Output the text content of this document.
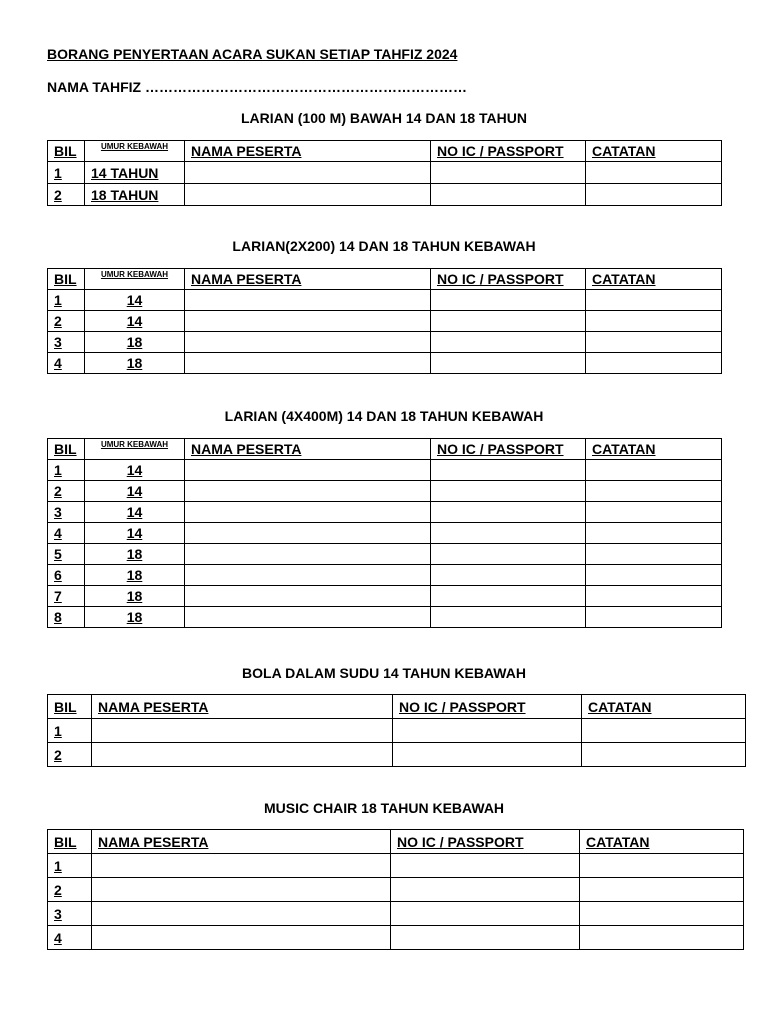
BORANG PENYERTAAN ACARA SUKAN SETIAP TAHFIZ 2024
NAMA TAHFIZ ……………………………………………………………
LARIAN (100 M) BAWAH 14 DAN 18 TAHUN
BIL	UMUR KEBAWAH	NAMA PESERTA	NO IC / PASSPORT	CATATAN
1	14 TAHUN			
2	18 TAHUN			
LARIAN(2X200) 14 DAN 18 TAHUN KEBAWAH
BIL	UMUR KEBAWAH	NAMA PESERTA	NO IC / PASSPORT	CATATAN
1	14			
2	14			
3	18			
4	18			
LARIAN (4X400M) 14 DAN 18 TAHUN KEBAWAH
BIL	UMUR KEBAWAH	NAMA PESERTA	NO IC / PASSPORT	CATATAN
1	14			
2	14			
3	14			
4	14			
5	18			
6	18			
7	18			
8	18			
BOLA DALAM SUDU 14 TAHUN KEBAWAH
BIL	NAMA PESERTA	NO IC / PASSPORT	CATATAN
1			
2			
MUSIC CHAIR 18 TAHUN KEBAWAH
BIL	NAMA PESERTA	NO IC / PASSPORT	CATATAN
1			
2			
3			
4			
